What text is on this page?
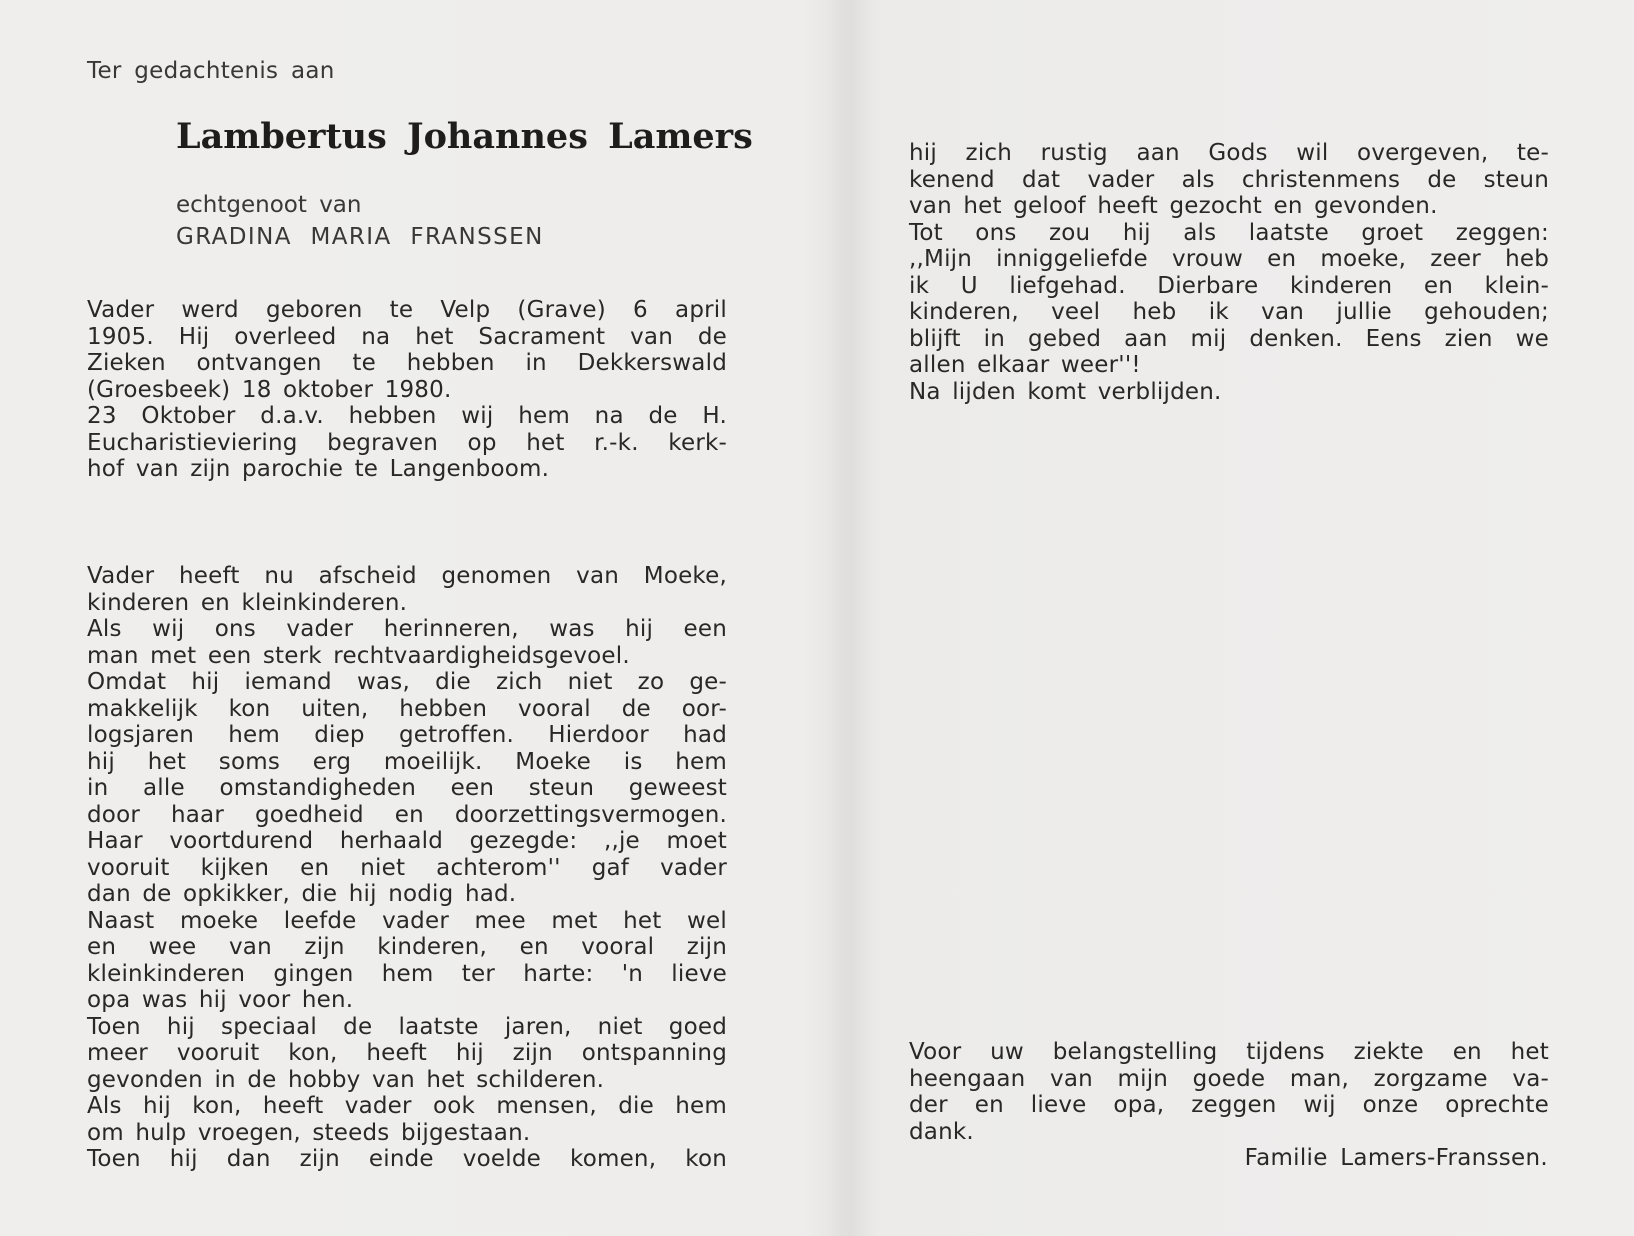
Ter gedachtenis aan
Lambertus Johannes Lamers
echtgenoot van
GRADINA MARIA FRANSSEN
Vader werd geboren te Velp (Grave) 6 april
1905. Hij overleed na het Sacrament van de
Zieken ontvangen te hebben in Dekkerswald
(Groesbeek) 18 oktober 1980.
23 Oktober d.a.v. hebben wij hem na de H.
Eucharistieviering begraven op het r.-k. kerk-
hof van zijn parochie te Langenboom.
Vader heeft nu afscheid genomen van Moeke,
kinderen en kleinkinderen.
Als wij ons vader herinneren, was hij een
man met een sterk rechtvaardigheidsgevoel.
Omdat hij iemand was, die zich niet zo ge-
makkelijk kon uiten, hebben vooral de oor-
logsjaren hem diep getroffen. Hierdoor had
hij het soms erg moeilijk. Moeke is hem
in alle omstandigheden een steun geweest
door haar goedheid en doorzettingsvermogen.
Haar voortdurend herhaald gezegde: ,,je moet
vooruit kijken en niet achterom'' gaf vader
dan de opkikker, die hij nodig had.
Naast moeke leefde vader mee met het wel
en wee van zijn kinderen, en vooral zijn
kleinkinderen gingen hem ter harte: 'n lieve
opa was hij voor hen.
Toen hij speciaal de laatste jaren, niet goed
meer vooruit kon, heeft hij zijn ontspanning
gevonden in de hobby van het schilderen.
Als hij kon, heeft vader ook mensen, die hem
om hulp vroegen, steeds bijgestaan.
Toen hij dan zijn einde voelde komen, kon
hij zich rustig aan Gods wil overgeven, te-
kenend dat vader als christenmens de steun
van het geloof heeft gezocht en gevonden.
Tot ons zou hij als laatste groet zeggen:
,,Mijn inniggeliefde vrouw en moeke, zeer heb
ik U liefgehad. Dierbare kinderen en klein-
kinderen, veel heb ik van jullie gehouden;
blijft in gebed aan mij denken. Eens zien we
allen elkaar weer''!
Na lijden komt verblijden.
Voor uw belangstelling tijdens ziekte en het
heengaan van mijn goede man, zorgzame va-
der en lieve opa, zeggen wij onze oprechte
dank.
Familie Lamers-Franssen.
